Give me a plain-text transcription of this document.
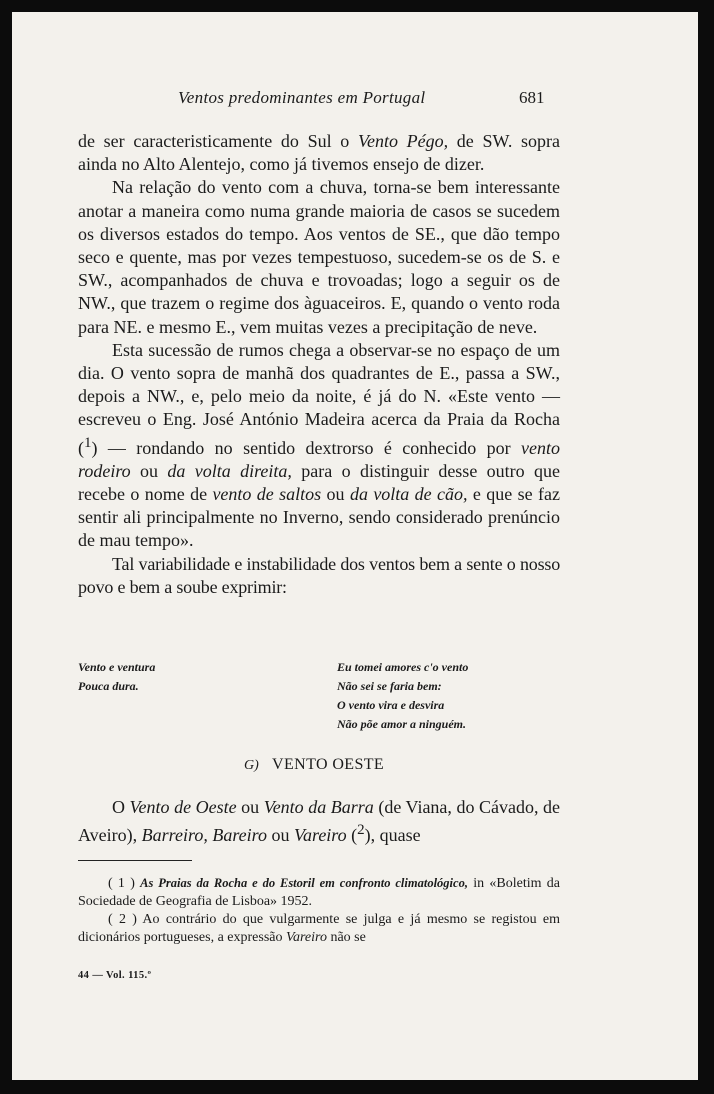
Ventos predominantes em Portugal	681

de ser caracteristicamente do Sul o Vento Pégo, de SW. sopra ainda no Alto Alentejo, como já tivemos ensejo de dizer.

Na relação do vento com a chuva, torna-se bem interessante anotar a maneira como numa grande maioria de casos se sucedem os diversos estados do tempo. Aos ventos de SE., que dão tempo seco e quente, mas por vezes tempestuoso, sucedem-se os de S. e SW., acompanhados de chuva e trovoadas; logo a seguir os de NW., que trazem o regime dos àguaceiros. E, quando o vento roda para NE. e mesmo E., vem muitas vezes a precipitação de neve.

Esta sucessão de rumos chega a observar-se no espaço de um dia. O vento sopra de manhã dos quadrantes de E., passa a SW., depois a NW., e, pelo meio da noite, é já do N. «Este vento — escreveu o Eng. José António Madeira acerca da Praia da Rocha ($^1$) — rondando no sentido dextrorso é conhecido por vento rodeiro ou da volta direita, para o distinguir desse outro que recebe o nome de vento de saltos ou da volta de cão, e que se faz sentir ali principalmente no Inverno, sendo considerado prenúncio de mau tempo».

Tal variabilidade e instabilidade dos ventos bem a sente o nosso povo e bem a soube exprimir:

Vento e ventura
Pouca dura.
Eu tomei amores c'o vento
Não sei se faria bem:
O vento vira e desvira
Não põe amor a ninguém.
G) VENTO OESTE

O Vento de Oeste ou Vento da Barra (de Viana, do Cávado, de Aveiro), Barreiro, Bareiro ou Vareiro ($^2$), quase

( 1 ) As Praias da Rocha e do Estoril em confronto climatológico, in «Boletim da Sociedade de Geografia de Lisboa» 1952.

( 2 ) Ao contrário do que vulgarmente se julga e já mesmo se registou em dicionários portugueses, a expressão Vareiro não se

44 — Vol. 115.º
